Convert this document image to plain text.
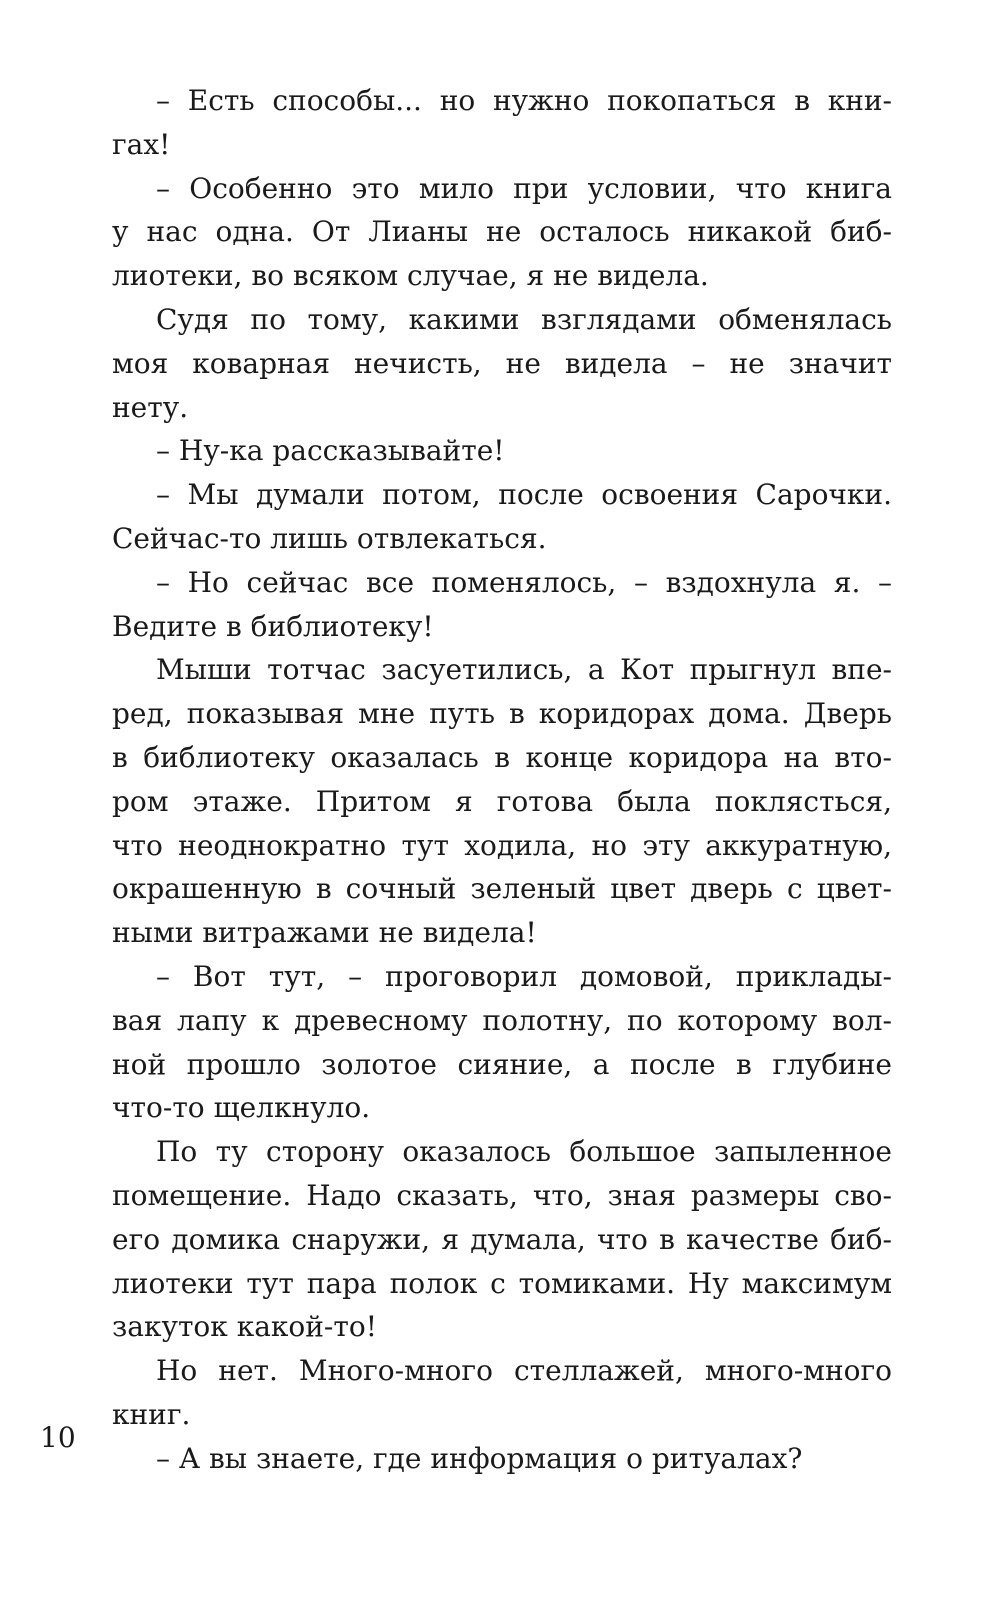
– Есть способы... но нужно покопаться в кни-
гах!
– Особенно это мило при условии, что книга
у нас одна. От Лианы не осталось никакой биб-
лиотеки, во всяком случае, я не видела.
Судя по тому, какими взглядами обменялась
моя коварная нечисть, не видела – не значит
нету.
– Ну-ка рассказывайте!
– Мы думали потом, после освоения Сарочки.
Сейчас-то лишь отвлекаться.
– Но сейчас все поменялось, – вздохнула я. –
Ведите в библиотеку!
Мыши тотчас засуетились, а Кот прыгнул впе-
ред, показывая мне путь в коридорах дома. Дверь
в библиотеку оказалась в конце коридора на вто-
ром этаже. Притом я готова была поклясться,
что неоднократно тут ходила, но эту аккуратную,
окрашенную в сочный зеленый цвет дверь с цвет-
ными витражами не видела!
– Вот тут, – проговорил домовой, приклады-
вая лапу к древесному полотну, по которому вол-
ной прошло золотое сияние, а после в глубине
что-то щелкнуло.
По ту сторону оказалось большое запыленное
помещение. Надо сказать, что, зная размеры сво-
его домика снаружи, я думала, что в качестве биб-
лиотеки тут пара полок с томиками. Ну максимум
закуток какой-то!
Но нет. Много-много стеллажей, много-много
книг.
– А вы знаете, где информация о ритуалах?
10
